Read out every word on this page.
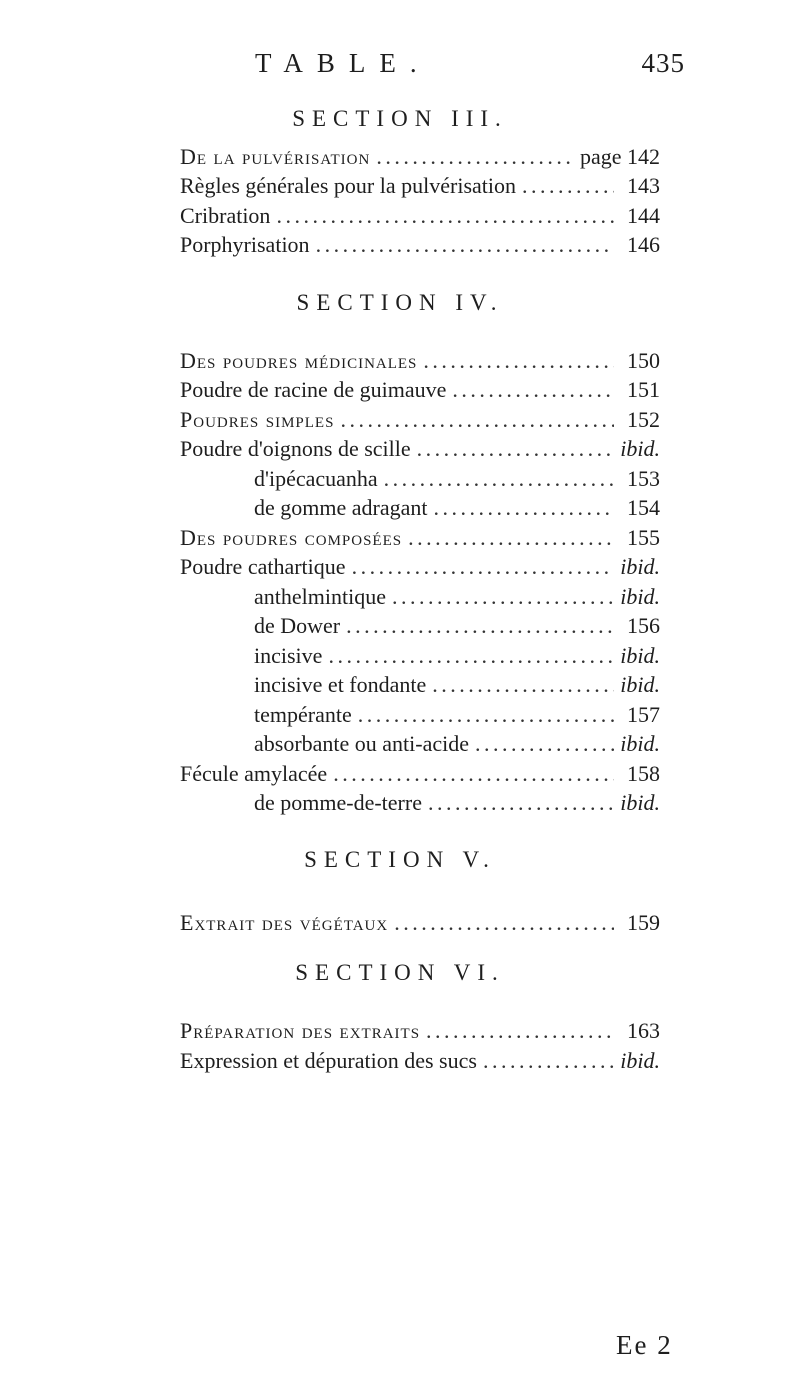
TABLE.	435
SECTION III.
De la pulvérisation . . .	page 142
Règles générales pour la pulvérisation . . .	143
Cribration . . .	144
Porphyrisation . . .	146
SECTION IV.
Des poudres médicinales . . .	150
Poudre de racine de guimauve . . .	151
Poudres simples . . .	152
Poudre d'oignons de scille . . .	ibid.
d'ipécacuanha . . .	153
de gomme adragant . . .	154
Des poudres composées . . .	155
Poudre cathartique . . .	ibid.
anthelmintique . . .	ibid.
de Dower . . .	156
incisive . . .	ibid.
incisive et fondante . . .	ibid.
tempérante . . .	157
absorbante ou anti-acide . . .	ibid.
Fécule amylacée . . .	158
de pomme-de-terre . . .	ibid.
SECTION V.
Extrait des végétaux . . .	159
SECTION VI.
Préparation des extraits . . .	163
Expression et dépuration des sucs . . .	ibid.
Ee 2
